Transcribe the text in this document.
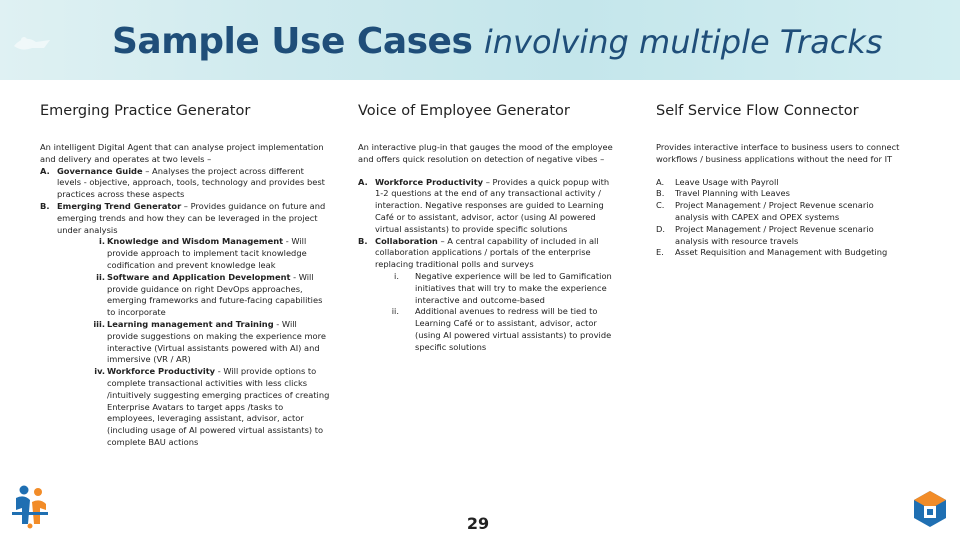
Sample Use Cases involving multiple Tracks
Emerging Practice Generator
An intelligent Digital Agent that can analyse project implementation and delivery and operates at two levels –
A. Governance Guide – Analyses the project across different levels - objective, approach, tools, technology and provides best practices across these aspects
B. Emerging Trend Generator – Provides guidance on future and emerging trends and how they can be leveraged in the project under analysis
i. Knowledge and Wisdom Management - Will provide approach to implement tacit knowledge codification and prevent knowledge leak
ii. Software and Application Development - Will provide guidance on right DevOps approaches, emerging frameworks and future-facing capabilities to incorporate
iii. Learning management and Training - Will provide suggestions on making the experience more interactive (Virtual assistants powered with AI) and immersive (VR / AR)
iv. Workforce Productivity - Will provide options to complete transactional activities with less clicks /intuitively suggesting emerging practices of creating Enterprise Avatars to target apps /tasks to employees, leveraging assistant, advisor, actor (including usage of AI powered virtual assistants) to complete BAU actions
Voice of Employee Generator
An interactive plug-in that gauges the mood of the employee and offers quick resolution on detection of negative vibes –
A. Workforce Productivity – Provides a quick popup with 1-2 questions at the end of any transactional activity / interaction. Negative responses are guided to Learning Café or to assistant, advisor, actor (using AI powered virtual assistants) to provide specific solutions
B. Collaboration – A central capability of included in all collaboration applications / portals of the enterprise replacing traditional polls and surveys
i. Negative experience will be led to Gamification initiatives that will try to make the experience interactive and outcome-based
ii. Additional avenues to redress will be tied to Learning Café or to assistant, advisor, actor (using AI powered virtual assistants) to provide specific solutions
Self Service Flow Connector
Provides interactive interface to business users to connect workflows / business applications without the need for IT
A. Leave Usage with Payroll
B. Travel Planning with Leaves
C. Project Management / Project Revenue scenario analysis with CAPEX and OPEX systems
D. Project Management / Project Revenue scenario analysis with resource travels
E. Asset Requisition and Management with Budgeting
29
